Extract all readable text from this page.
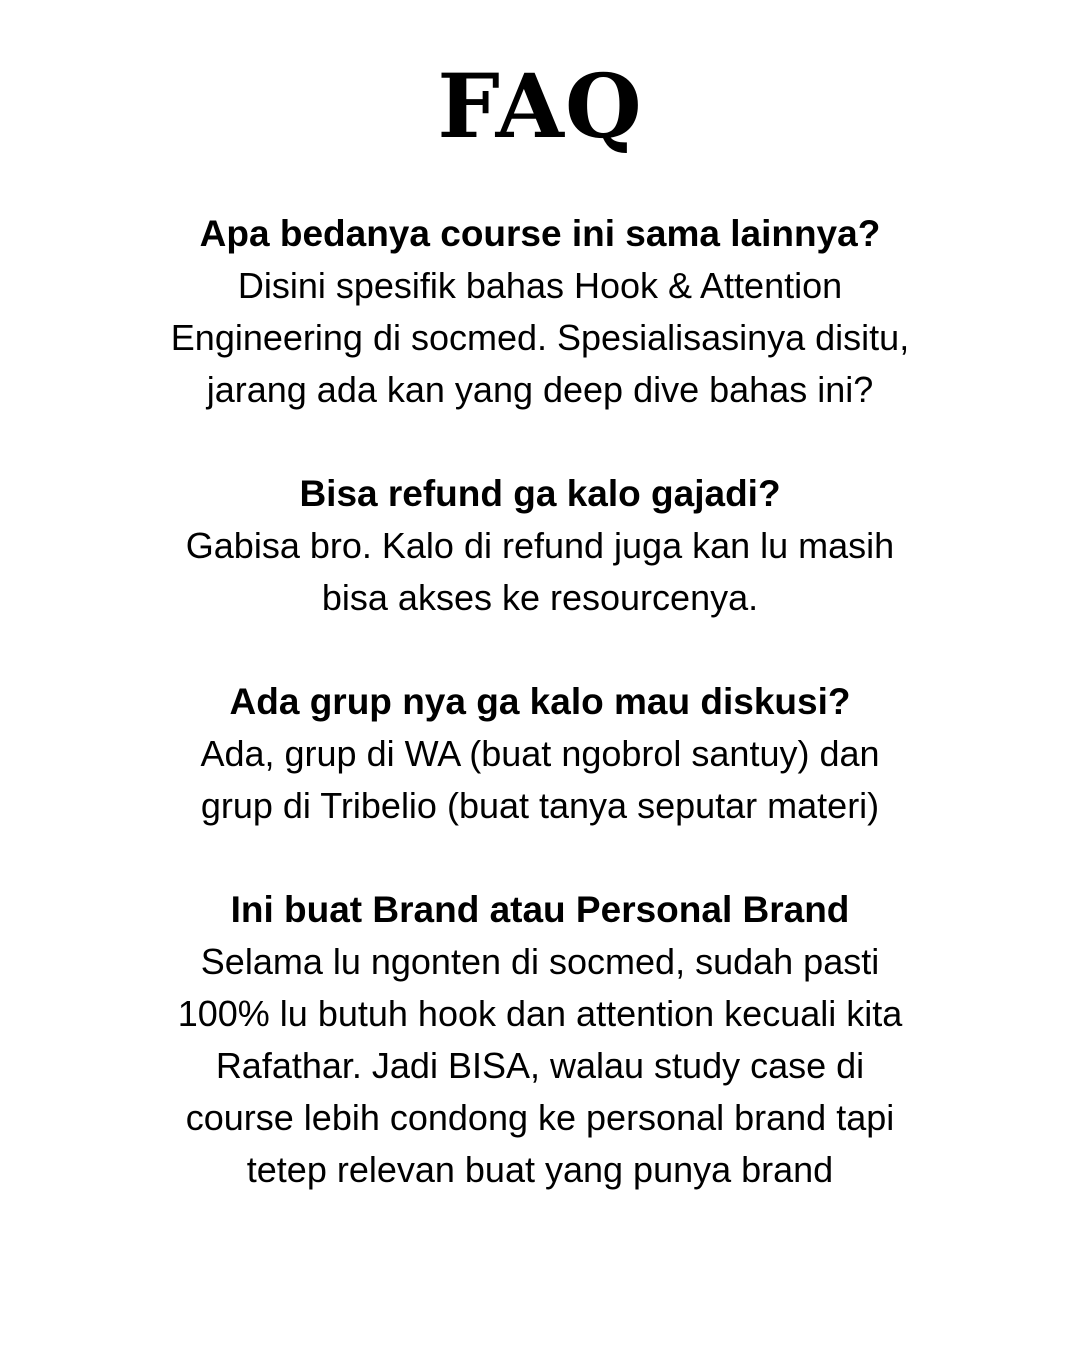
FAQ

Apa bedanya course ini sama lainnya?

Disini spesifik bahas Hook & Attention
Engineering di socmed. Spesialisasinya disitu,
jarang ada kan yang deep dive bahas ini?

Bisa refund ga kalo gajadi?

Gabisa bro. Kalo di refund juga kan lu masih
bisa akses ke resourcenya.

Ada grup nya ga kalo mau diskusi?

Ada, grup di WA (buat ngobrol santuy) dan
grup di Tribelio (buat tanya seputar materi)

Ini buat Brand atau Personal Brand

Selama lu ngonten di socmed, sudah pasti
100% lu butuh hook dan attention kecuali kita
Rafathar. Jadi BISA, walau study case di
course lebih condong ke personal brand tapi
tetep relevan buat yang punya brand
